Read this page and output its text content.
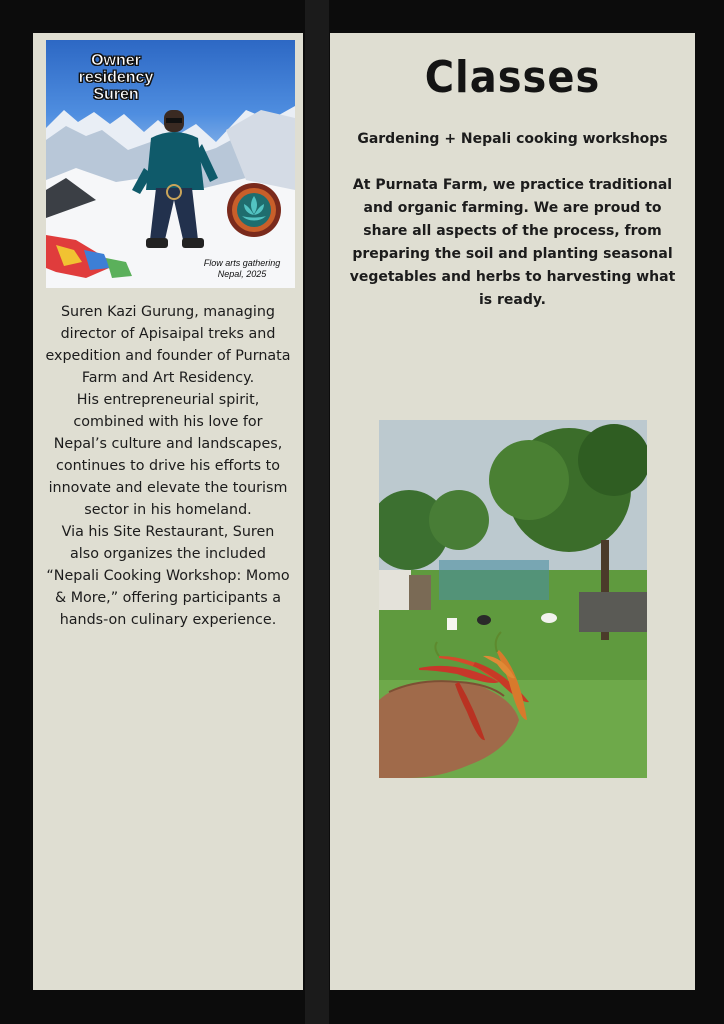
Owner residency
Suren
Flow arts gathering
Nepal, 2025

Suren Kazi Gurung, managing director of Apisaipal treks and expedition and founder of Purnata Farm and Art Residency.

His entrepreneurial spirit, combined with his love for Nepal’s culture and landscapes, continues to drive his efforts to innovate and elevate the tourism sector in his homeland.

Via his Site Restaurant, Suren also organizes the included “Nepali Cooking Workshop: Momo & More,” offering participants a hands-on culinary experience.

Classes
Gardening + Nepali cooking workshops
At Purnata Farm, we practice traditional and organic farming. We are proud to share all aspects of the process, from preparing the soil and planting seasonal vegetables and herbs to harvesting what is ready.
